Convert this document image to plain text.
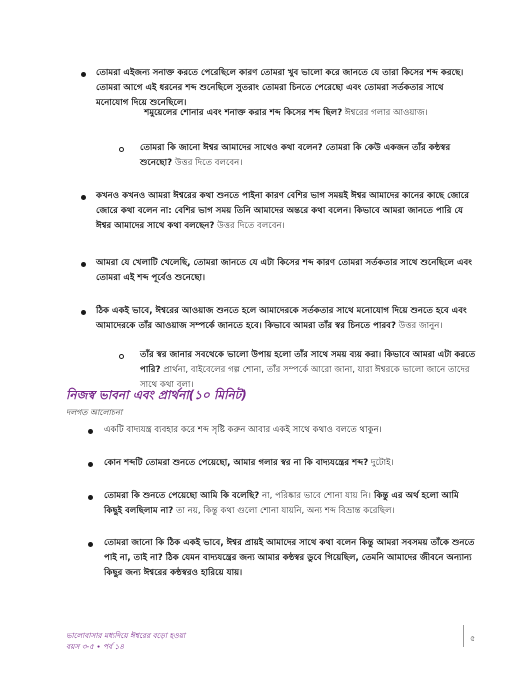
তোমরা এইজন্য সনাক্ত করতে পেরেছিলে কারণ তোমরা খুব ভালো করে জানতে যে তারা কিসের শব্দ করছে। তোমরা আগে এই ধরনের শব্দ শুনেছিলে সুতরাং তোমরা চিনতে পেরেছো এবং তোমরা সর্তকতার সাথে মনোযোগ দিয়ে শুনেছিলে।
শমুয়েলের শোনার এবং শনাক্ত করার শব্দ কিসের শব্দ ছিল? ঈশ্বরের গলার আওয়াজ।
তোমরা কি জানো ঈশ্বর আমাদের সাথেও কথা বলেন? তোমরা কি কেউ একজন তাঁর কন্ঠস্বর শুনেছো? উত্তর দিতে বলবেন।
কখনও কখনও আমরা ঈশ্বরের কথা শুনতে পাইনা কারণ বেশির ভাগ সময়ই ঈশ্বর আমাদের কানের কাছে জোরে জোরে কথা বলেন না: বেশির ভাগ সময় তিনি আমাদের অন্তরে কথা বলেন। কিভাবে আমরা জানতে পারি যে ঈশ্বর আমাদের সাথে কথা বলছেন? উত্তর দিতে বলবেন।
আমরা যে খেলাটি খেলেছি, তোমরা জানতে যে এটা কিসের শব্দ কারণ তোমরা সর্তকতার সাথে শুনেছিলে এবং তোমরা এই শব্দ পূর্বেও শুনেছো।
ঠিক একই ভাবে, ঈশ্বরের আওয়াজ শুনতে হলে আমাদেরকে সর্তকতার সাথে মনোযোগ দিয়ে শুনতে হবে এবং আমাদেরকে তাঁর আওয়াজ সম্পর্কে জানতে হবে। কিভাবে আমরা তাঁর স্বর চিনতে পারব? উত্তর জানুন।
তাঁর স্বর জানার সবথেকে ভালো উপায় হলো তাঁর সাথে সময় ব্যয় করা। কিভাবে আমরা এটা করতে পারি? প্রার্থনা, বাইবেলের গল্প শোনা, তাঁর সম্পর্কে আরো জানা, যারা ঈশ্বরকে ভালো জানে তাদের সাথে কথা বলা।
নিজস্ব ভাবনা এবং প্রার্থনা(১০ মিনিট)
দলগত আলোচনা
একটি বাদ্যযন্ত্র ব্যবহার করে শব্দ সৃষ্টি করুন আবার একই সাথে কথাও বলতে থাকুন।
কোন শব্দটি তোমরা শুনতে পেয়েছো, আমার গলার স্বর না কি বাদ্যযন্ত্রের শব্দ? দুটোই।
তোমরা কি শুনতে পেয়েছো আমি কি বলেছি? না, পরিষ্কার ভাবে শোনা যায় নি। কিন্তু এর অর্থ হলো আমি কিছুই বলছিলাম না? তা নয়, কিন্তু কথা গুলো শোনা যায়নি, অন্য শব্দ বিভ্রান্ত করেছিল।
তোমরা জানো কি ঠিক একই ভাবে, ঈশ্বর প্রায়ই আমাদের সাথে কথা বলেন কিন্তু আমরা সবসময় তাঁকে শুনতে পাই না, তাই না? ঠিক যেমন বাদ্যযন্ত্রের জন্য আমার কন্ঠস্বর ডুবে গিয়েছিল, তেমনি আমাদের জীবনে অন্যান্য কিছুর জন্য ঈশ্বরের কন্ঠস্বরও হারিয়ে যায়।
ভালোবাসার মধ্যদিয়ে ঈশ্বরের বড়ো হওয়া
বয়স ৩-৫ • পর্ব ১৪
৫
